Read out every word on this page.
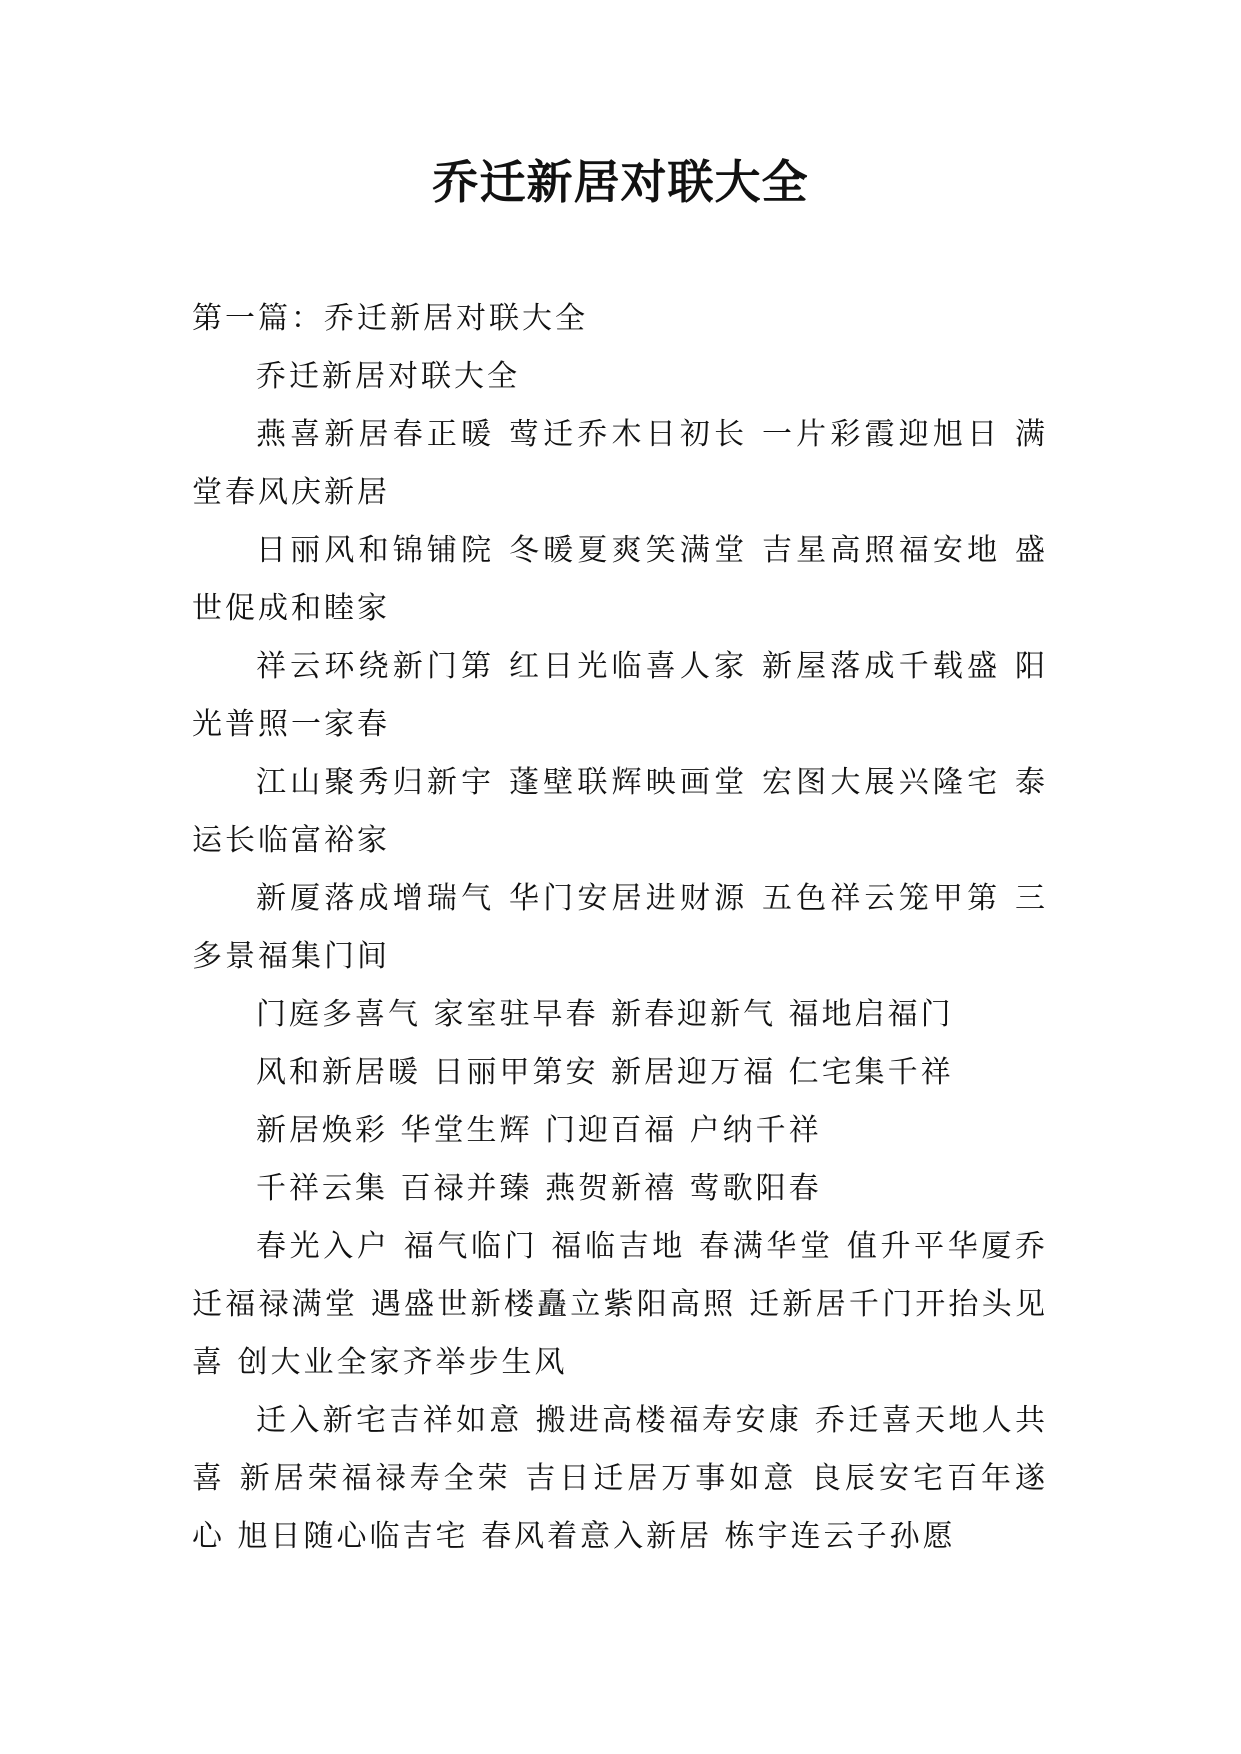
乔迁新居对联大全

第一篇：乔迁新居对联大全

乔迁新居对联大全

燕喜新居春正暖 莺迁乔木日初长 一片彩霞迎旭日 满堂春风庆新居

日丽风和锦铺院 冬暖夏爽笑满堂 吉星高照福安地 盛世促成和睦家

祥云环绕新门第 红日光临喜人家 新屋落成千载盛 阳光普照一家春

江山聚秀归新宇 蓬壁联辉映画堂 宏图大展兴隆宅 泰运长临富裕家

新厦落成增瑞气 华门安居进财源 五色祥云笼甲第 三多景福集门间

门庭多喜气 家室驻早春 新春迎新气 福地启福门

风和新居暖 日丽甲第安 新居迎万福 仁宅集千祥

新居焕彩 华堂生辉 门迎百福 户纳千祥

千祥云集 百禄并臻 燕贺新禧 莺歌阳春

春光入户 福气临门 福临吉地 春满华堂 值升平华厦乔迁福禄满堂 遇盛世新楼矗立紫阳高照 迁新居千门开抬头见喜 创大业全家齐举步生风

迁入新宅吉祥如意 搬进高楼福寿安康 乔迁喜天地人共喜 新居荣福禄寿全荣 吉日迁居万事如意 良辰安宅百年遂心 旭日随心临吉宅 春风着意入新居 栋宇连云子孙愿
